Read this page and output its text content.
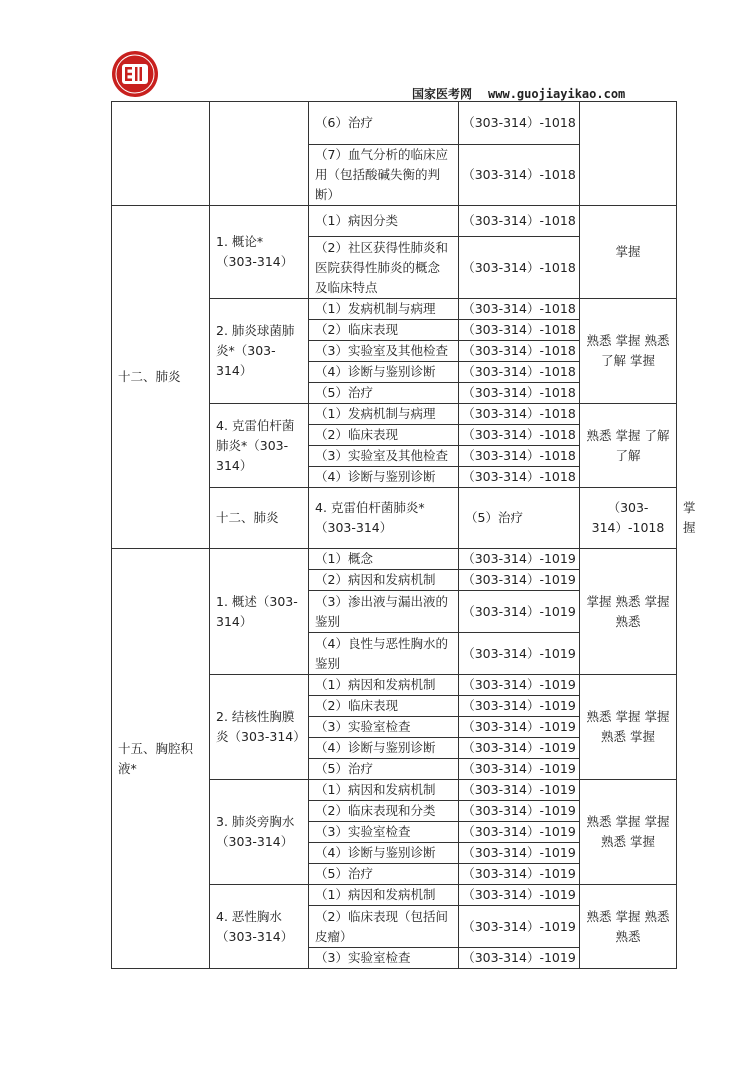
国家医考网 www.guojiayikao.com
		（6）治疗	（303-314）-1018		
		（7）血气分析的临床应用（包括酸碱失衡的判断）	（303-314）-1018		
十二、肺炎	1. 概论*（303-314）	（1）病因分类	（303-314）-1018	掌握	
		（2）社区获得性肺炎和医院获得性肺炎的概念及临床特点	（303-314）-1018		
	2. 肺炎球菌肺炎*（303-314）	（1）发病机制与病理	（303-314）-1018	熟悉 掌握 熟悉 了解 掌握	
		（2）临床表现	（303-314）-1018		
		（3）实验室及其他检查	（303-314）-1018		
		（4）诊断与鉴别诊断	（303-314）-1018		
		（5）治疗	（303-314）-1018		
	4. 克雷伯杆菌肺炎*（303-314）	（1）发病机制与病理	（303-314）-1018	熟悉 掌握 了解 了解	
		（2）临床表现	（303-314）-1018		
		（3）实验室及其他检查	（303-314）-1018		
		（4）诊断与鉴别诊断	（303-314）-1018		
	十二、肺炎	4. 克雷伯杆菌肺炎*（303-314）	（5）治疗	（303-314）-1018	掌握
十五、胸腔积液*	1. 概述（303-314）	（1）概念	（303-314）-1019	掌握 熟悉 掌握 熟悉	
		（2）病因和发病机制	（303-314）-1019		
		（3）渗出液与漏出液的鉴别	（303-314）-1019		
		（4）良性与恶性胸水的鉴别	（303-314）-1019		
	2. 结核性胸膜炎（303-314）	（1）病因和发病机制	（303-314）-1019	熟悉 掌握 掌握 熟悉 掌握	
		（2）临床表现	（303-314）-1019		
		（3）实验室检查	（303-314）-1019		
		（4）诊断与鉴别诊断	（303-314）-1019		
		（5）治疗	（303-314）-1019		
	3. 肺炎旁胸水（303-314）	（1）病因和发病机制	（303-314）-1019	熟悉 掌握 掌握 熟悉 掌握	
		（2）临床表现和分类	（303-314）-1019		
		（3）实验室检查	（303-314）-1019		
		（4）诊断与鉴别诊断	（303-314）-1019		
		（5）治疗	（303-314）-1019		
	4. 恶性胸水（303-314）	（1）病因和发病机制	（303-314）-1019	熟悉 掌握 熟悉 熟悉	
		（2）临床表现（包括间皮瘤）	（303-314）-1019		
		（3）实验室检查	（303-314）-1019		
